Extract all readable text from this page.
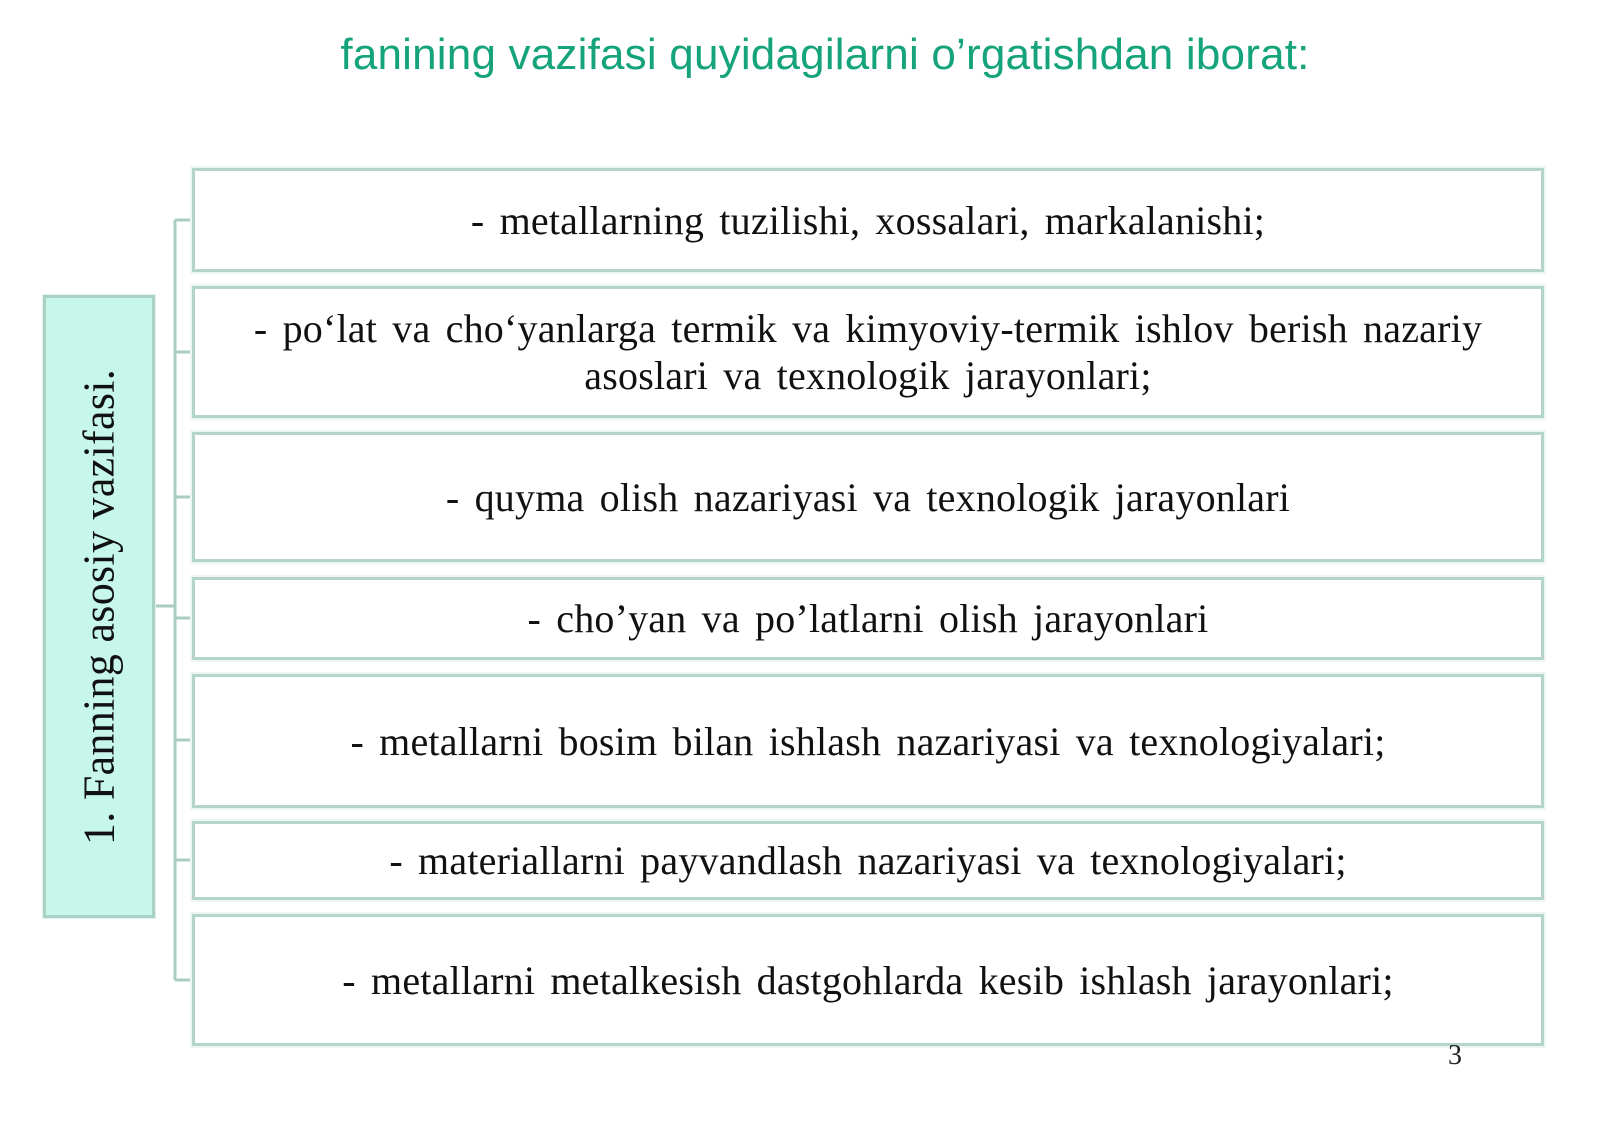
fanining vazifasi quyidagilarni o’rgatishdan iborat:
1. Fanning asosiy vazifasi.
- metallarning tuzilishi, xossalari, markalanishi;
- po‘lat va cho‘yanlarga termik va kimyoviy-termik ishlov berish nazariy asoslari va texnologik jarayonlari;
- quyma olish nazariyasi va texnologik jarayonlari
- cho’yan va po’latlarni olish jarayonlari
- metallarni bosim bilan ishlash nazariyasi va texnologiyalari;
- materiallarni payvandlash nazariyasi va texnologiyalari;
- metallarni metalkesish dastgohlarda kesib ishlash jarayonlari;
3
